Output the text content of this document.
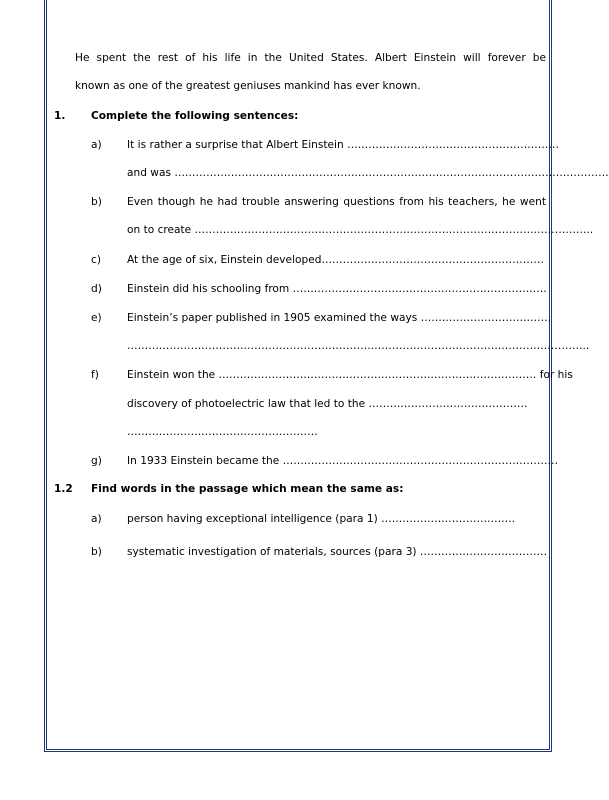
He spent the rest of his life in the United States. Albert Einstein will forever be
known as one of the greatest geniuses mankind has ever known.
1. Complete the following sentences:
a) It is rather a surprise that Albert Einstein ……………………………………………………
and was ……………………………………………………………………………………………………………
b) Even though he had trouble answering questions from his teachers, he went
on to create …………………………………………………………………………………………………..
c) At the age of six, Einstein developed………………………………………………………
d) Einstein did his schooling from ………………………………………………………………
e) Einstein’s paper published in 1905 examined the ways ……………………………….
…………………………………………………………………………………………………………………..
f)	Einstein won the ……………………………………………………………………………… for his
discovery of photoelectric law that led to the ………………………………………
………………………………………………
g) In 1933 Einstein became the ……………………………………………………………………
1.2 Find words in the passage which mean the same as:
a) person having exceptional intelligence (para 1) ………………………………..
b) systematic investigation of materials, sources (para 3) ………………………………
